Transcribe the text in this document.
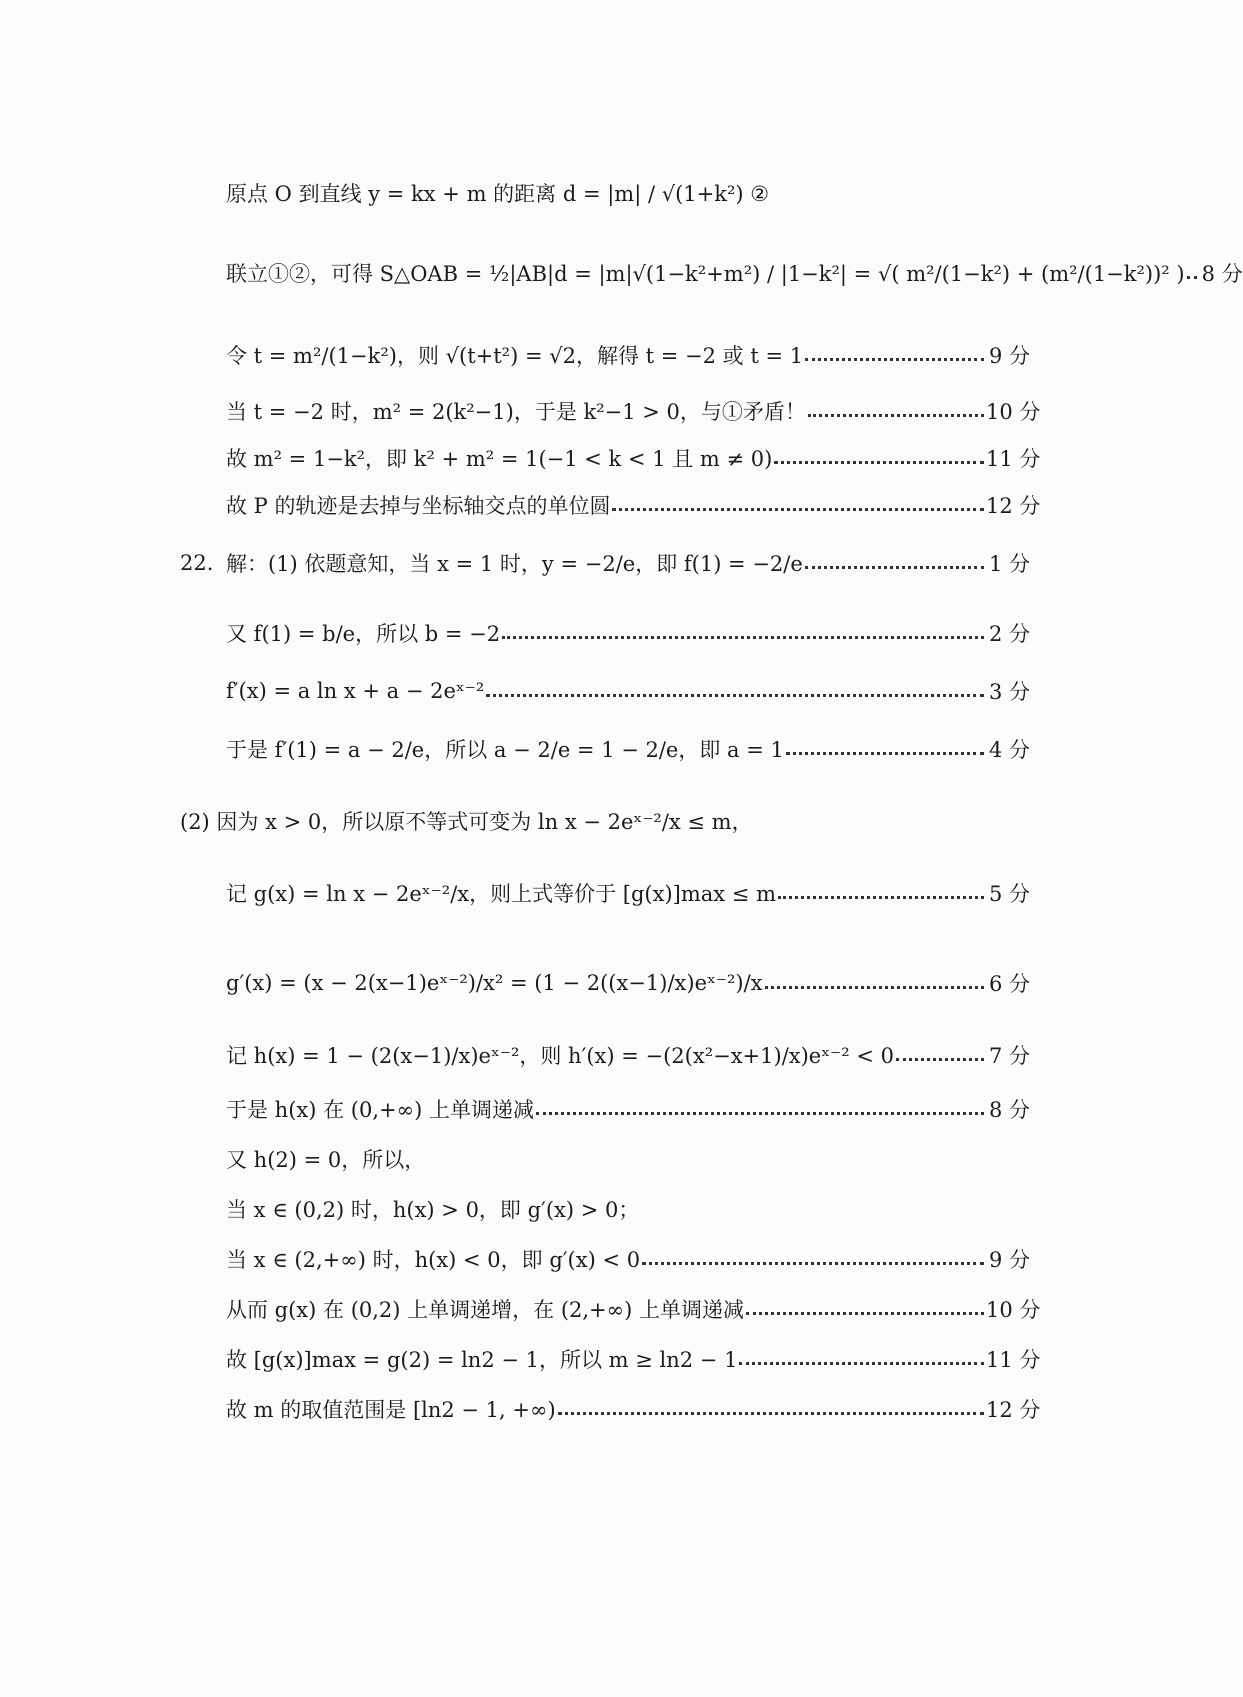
原点 O 到直线 y = kx + m 的距离 d = |m| / √(1+k²) ②
联立①②，可得 S△OAB = ½|AB|d = |m|√(1−k²+m²) / |1−k²| = √( m²/(1−k²) + (m²/(1−k²))² ) 8 分
令 t = m²/(1−k²)，则 √(t+t²) = √2，解得 t = −2 或 t = 1	9 分
当 t = −2 时，m² = 2(k²−1)，于是 k²−1 > 0，与①矛盾！	10 分
故 m² = 1−k²，即 k² + m² = 1(−1 < k < 1 且 m ≠ 0)	11 分
故 P 的轨迹是去掉与坐标轴交点的单位圆	12 分
22. 解：(1) 依题意知，当 x = 1 时，y = −2/e，即 f(1) = −2/e	1 分
又 f(1) = b/e，所以 b = −2	2 分
f′(x) = a ln x + a − 2eˣ⁻²	3 分
于是 f′(1) = a − 2/e，所以 a − 2/e = 1 − 2/e，即 a = 1	4 分
(2) 因为 x > 0，所以原不等式可变为 ln x − 2eˣ⁻²/x ≤ m，
记 g(x) = ln x − 2eˣ⁻²/x，则上式等价于 [g(x)]max ≤ m	5 分
g′(x) = (x − 2(x−1)eˣ⁻²)/x² = (1 − 2((x−1)/x)eˣ⁻²)/x	6 分
记 h(x) = 1 − (2(x−1)/x)eˣ⁻²，则 h′(x) = −(2(x²−x+1)/x)eˣ⁻² < 0	7 分
于是 h(x) 在 (0,+∞) 上单调递减	8 分
又 h(2) = 0，所以，
当 x ∈ (0,2) 时，h(x) > 0，即 g′(x) > 0；
当 x ∈ (2,+∞) 时，h(x) < 0，即 g′(x) < 0	9 分
从而 g(x) 在 (0,2) 上单调递增，在 (2,+∞) 上单调递减	10 分
故 [g(x)]max = g(2) = ln2 − 1，所以 m ≥ ln2 − 1	11 分
故 m 的取值范围是 [ln2 − 1, +∞)	12 分
